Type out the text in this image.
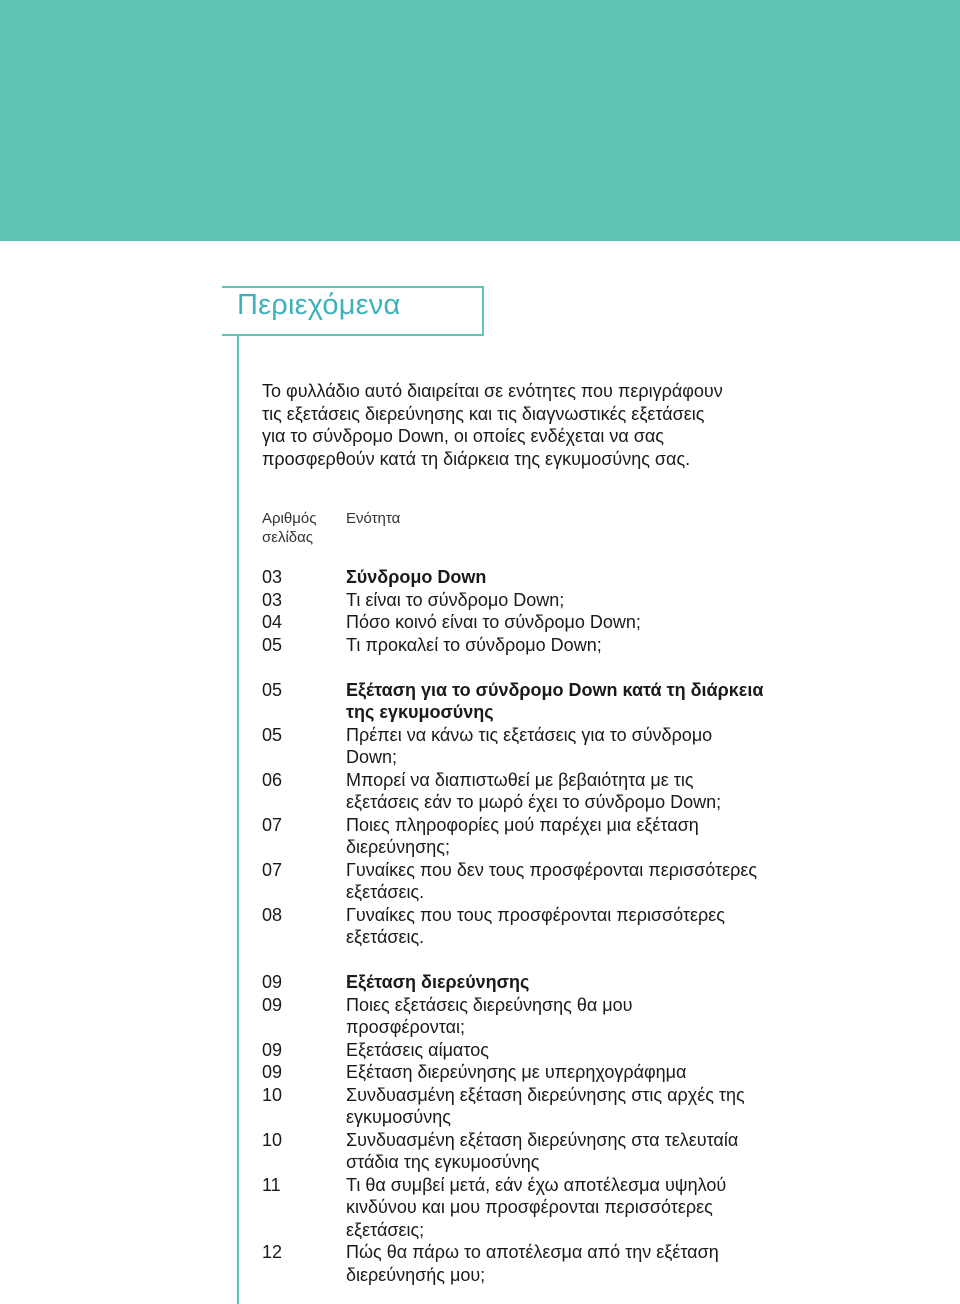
Περιεχόμενα

Το φυλλάδιο αυτό διαιρείται σε ενότητες που περιγράφουν
τις εξετάσεις διερεύνησης και τις διαγνωστικές εξετάσεις
για το σύνδρομο Down, οι οποίες ενδέχεται να σας
προσφερθούν κατά τη διάρκεια της εγκυμοσύνης σας.

Αριθμός
σελίδας
Ενότητα
03	Σύνδρομο Down
03	Τι είναι το σύνδρομο Down;
04	Πόσο κοινό είναι το σύνδρομο Down;
05	Τι προκαλεί το σύνδρομο Down;
05	Εξέταση για το σύνδρομο Down κατά τη διάρκεια
της εγκυμοσύνης
05	Πρέπει να κάνω τις εξετάσεις για το σύνδρομο
Down;
06	Μπορεί να διαπιστωθεί με βεβαιότητα με τις
εξετάσεις εάν το μωρό έχει το σύνδρομο Down;
07	Ποιες πληροφορίες μού παρέχει μια εξέταση
διερεύνησης;
07	Γυναίκες που δεν τους προσφέρονται περισσότερες
εξετάσεις.
08	Γυναίκες που τους προσφέρονται περισσότερες
εξετάσεις.
09	Εξέταση διερεύνησης
09	Ποιες εξετάσεις διερεύνησης θα μου
προσφέρονται;
09	Εξετάσεις αίματος
09	Εξέταση διερεύνησης με υπερηχογράφημα
10	Συνδυασμένη εξέταση διερεύνησης στις αρχές της
εγκυμοσύνης
10	Συνδυασμένη εξέταση διερεύνησης στα τελευταία
στάδια της εγκυμοσύνης
11	Τι θα συμβεί μετά, εάν έχω αποτέλεσμα υψηλού
κινδύνου και μου προσφέρονται περισσότερες
εξετάσεις;
12	Πώς θα πάρω το αποτέλεσμα από την εξέταση
διερεύνησής μου;
